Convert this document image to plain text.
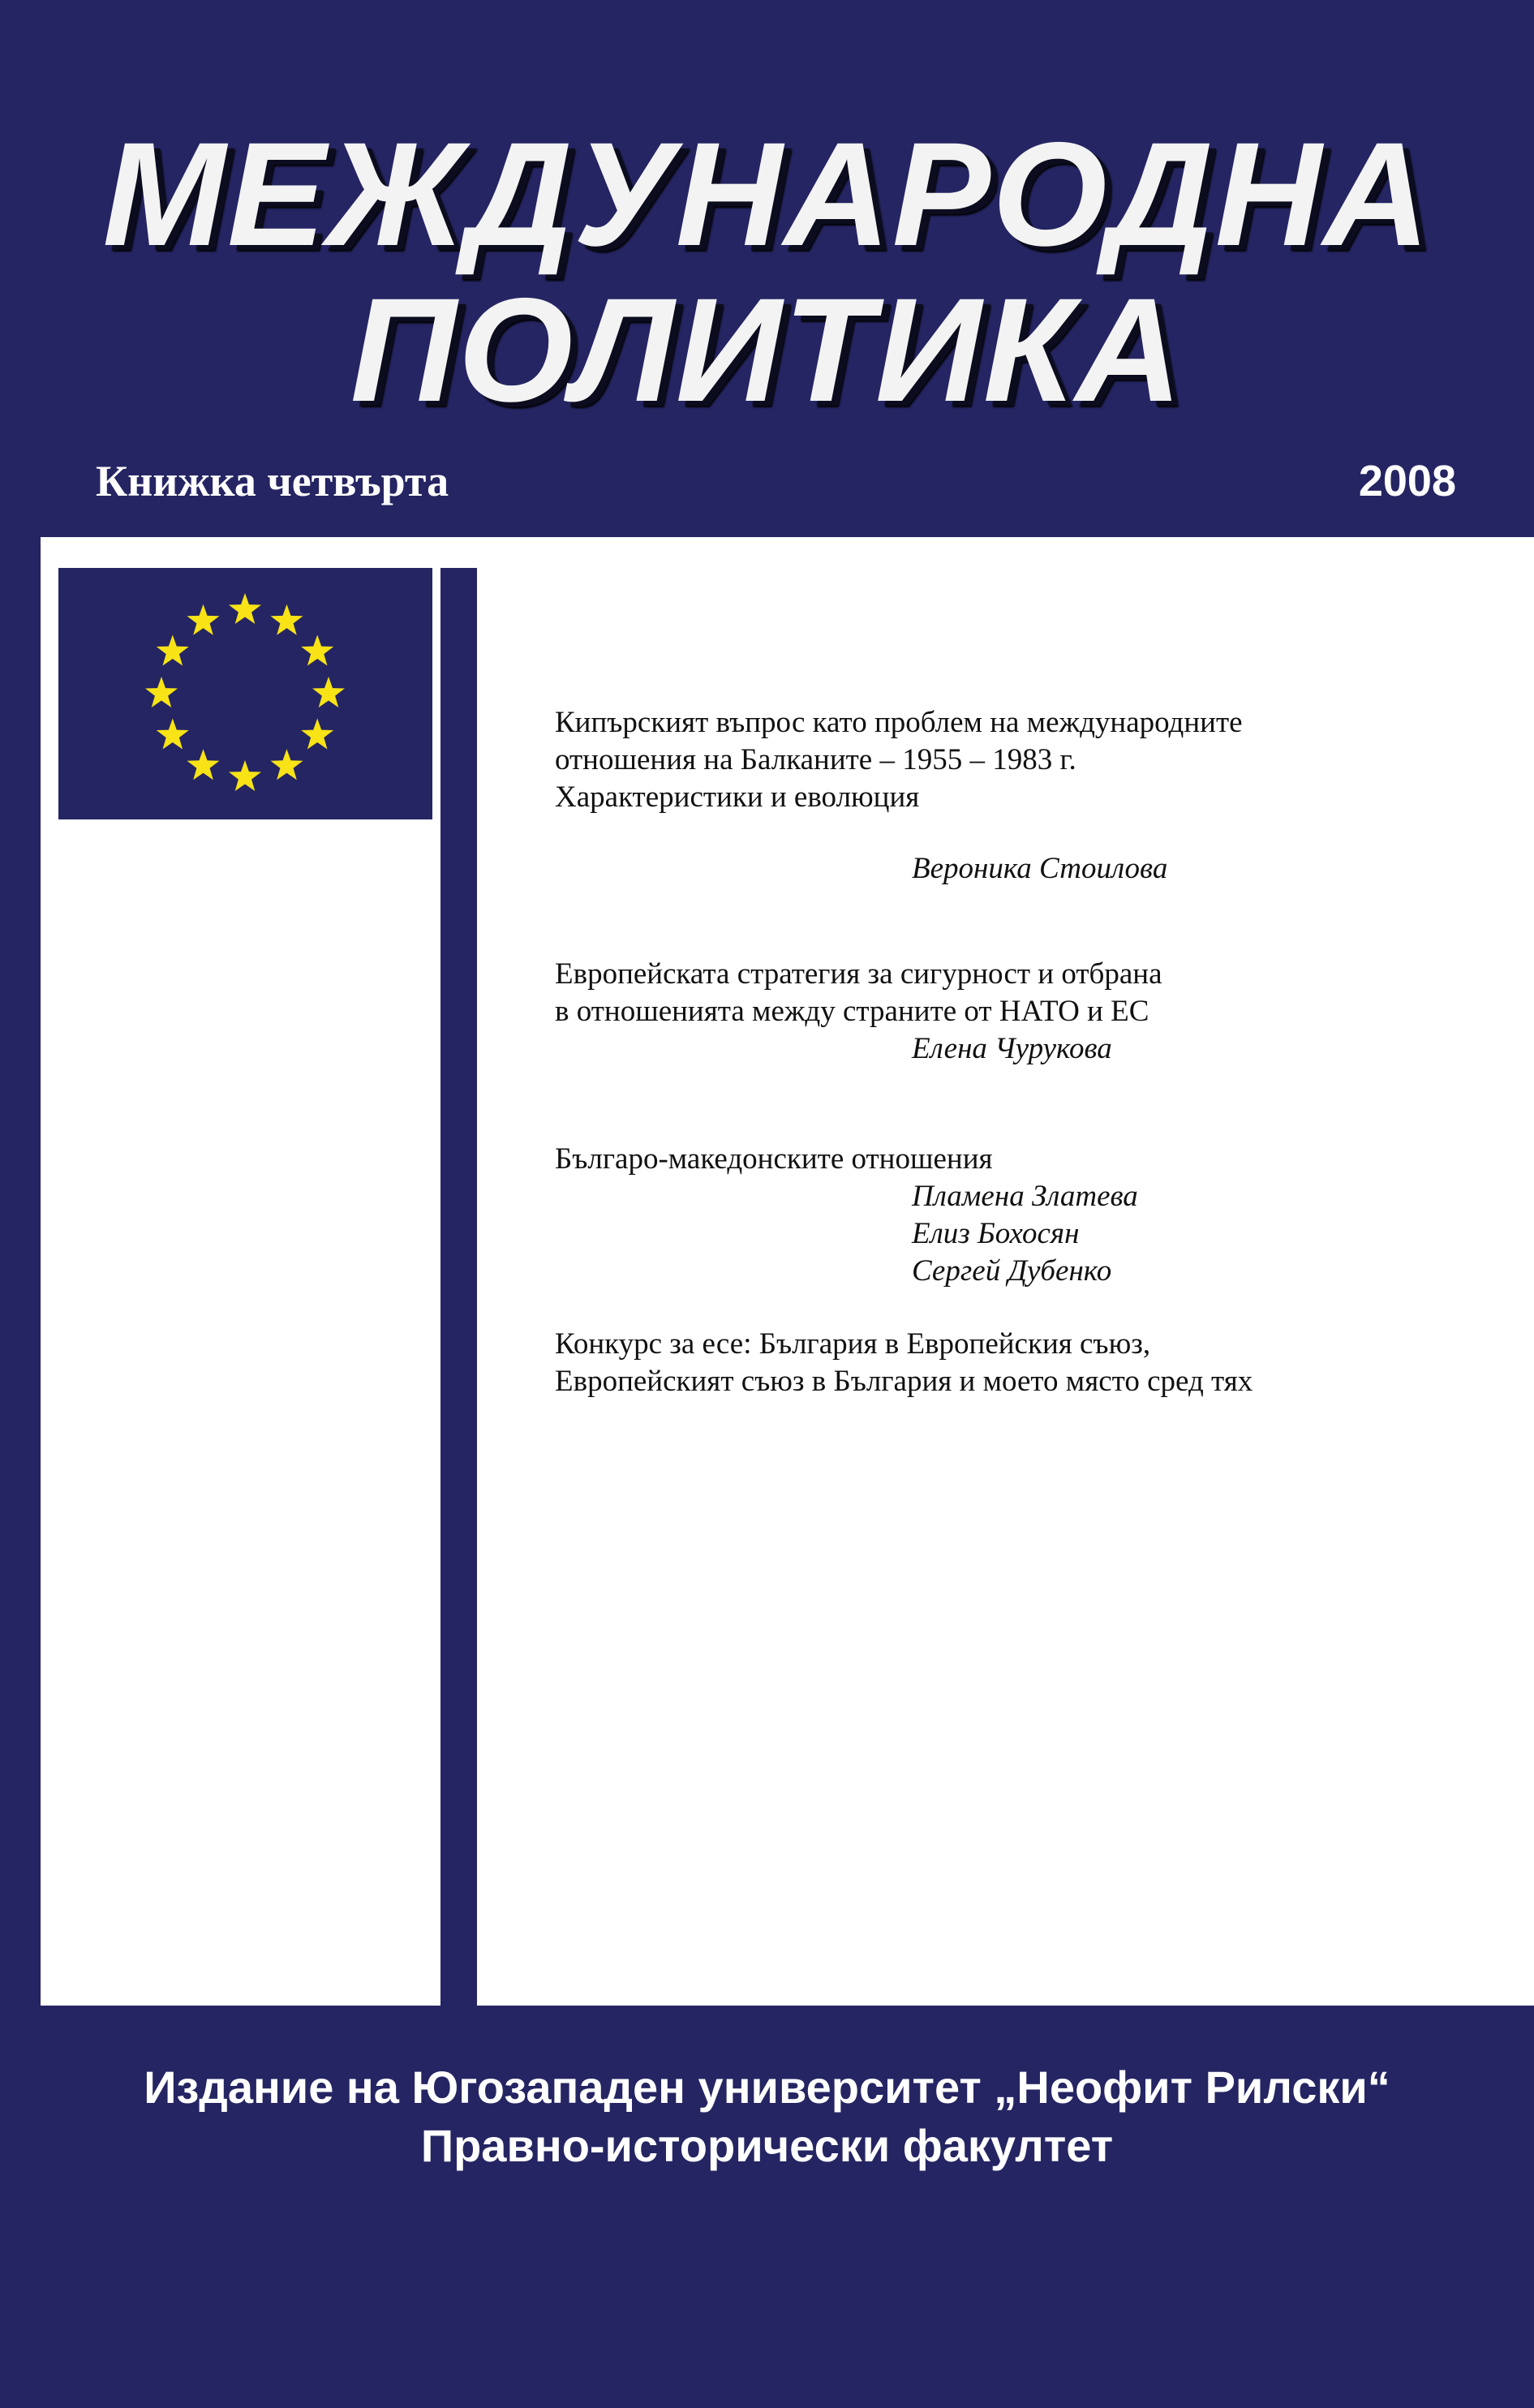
МЕЖДУНАРОДНА
ПОЛИТИКА
Книжка четвърта	2008
Кипърският въпрос като проблем на международните
отношения на Балканите – 1955 – 1983 г.
Характеристики и еволюция
Вероника Стоилова
Европейската стратегия за сигурност и отбрана
в отношенията между страните от НАТО и ЕС
Елена Чурукова
Българо-македонските отношения
Пламена Златева
Елиз Бохосян
Сергей Дубенко
Конкурс за есе: България в Европейския съюз,
Европейският съюз в България и моето място сред тях
Издание на Югозападен университет „Неофит Рилски“
Правно-исторически факултет
